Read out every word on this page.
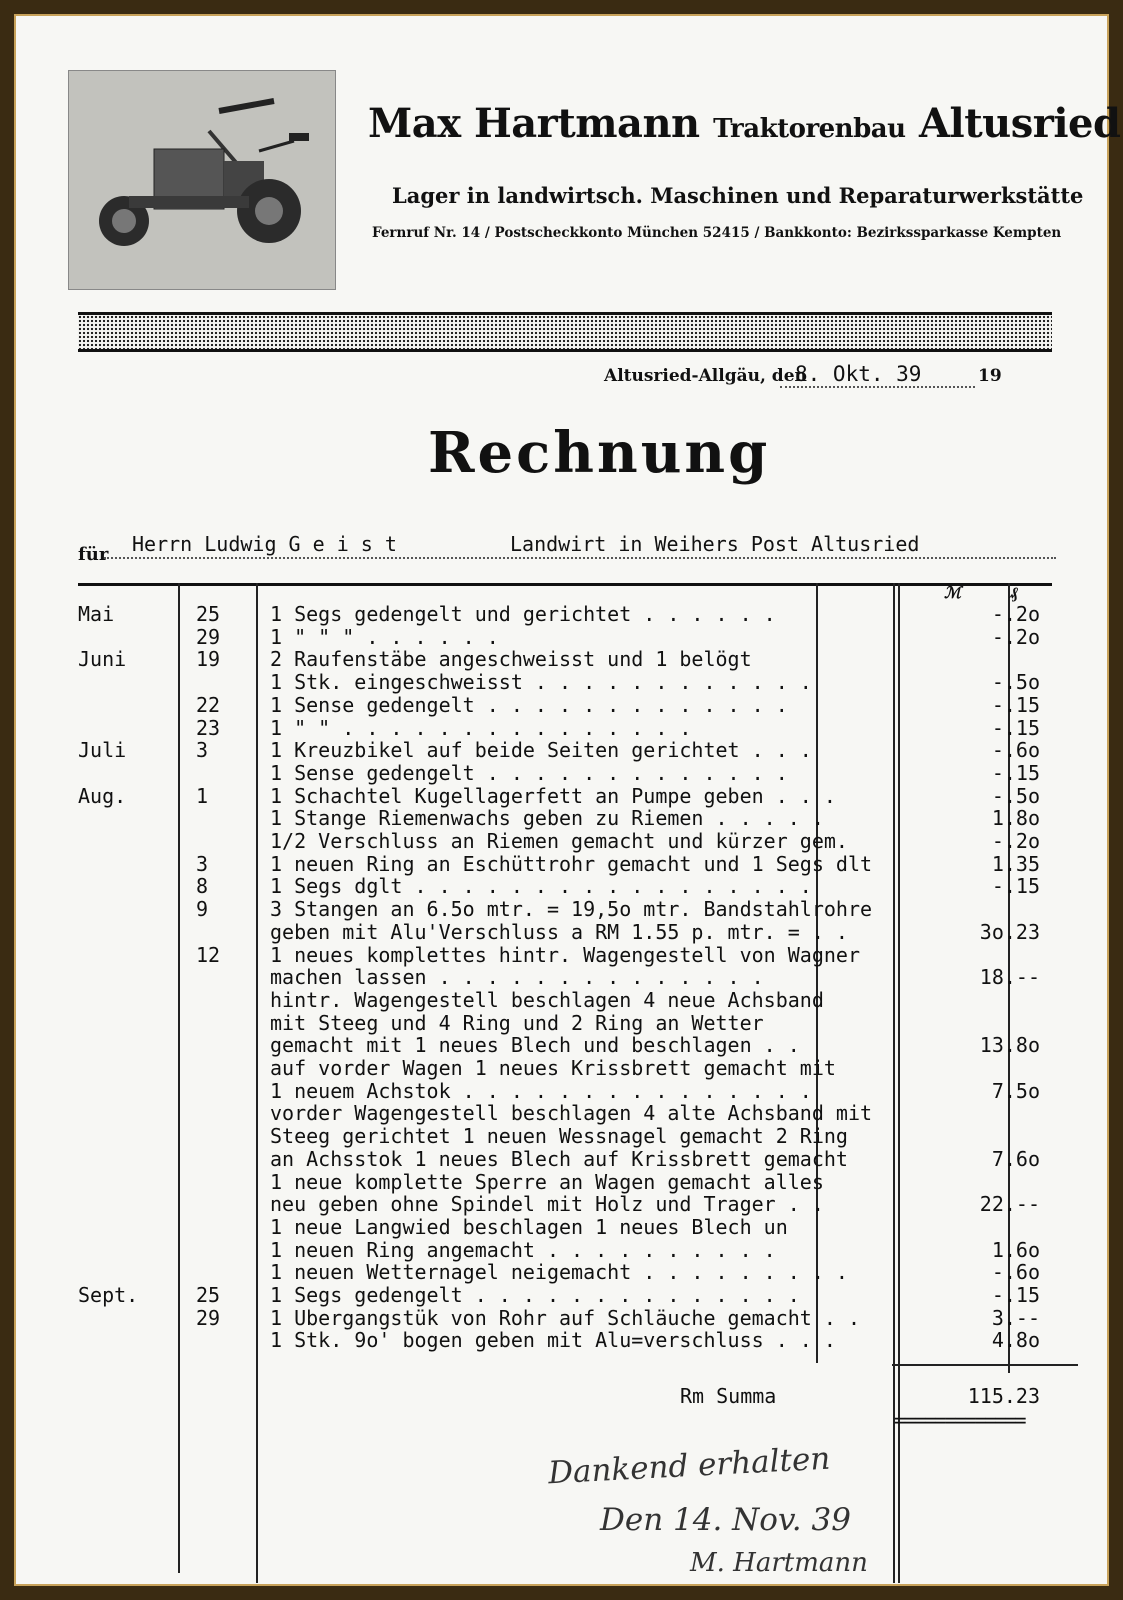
Max Hartmann Traktorenbau Altusried
Lager in landwirtsch. Maschinen und Reparaturwerkstätte
Fernruf Nr. 14 / Postscheckkonto München 52415 / Bankkonto: Bezirkssparkasse Kempten
Altusried-Allgäu, den
8. Okt. 39	19
Rechnung
für Herrn Ludwig G e i s t	Landwirt in Weihers Post Altusried
ℳ	₰
Mai	25 1 Segs gedengelt und gerichtet . . . . . .	-.2o
29 1 " " " . . . . . .	-.2o
Juni	19 2 Raufenstäbe angeschweisst und 1 belögt
1 Stk. eingeschweisst . . . . . . . . . . . .	-.5o
22 1 Sense gedengelt . . . . . . . . . . . . .	-.15
23 1 " " . . . . . . . . . . . . . . .	-.15
Juli	3	1 Kreuzbikel auf beide Seiten gerichtet . . .	-.6o
1 Sense gedengelt . . . . . . . . . . . . .	-.15
Aug.	1	1 Schachtel Kugellagerfett an Pumpe geben . . .	-.5o
1 Stange Riemenwachs geben zu Riemen . . . . .	1.8o
1/2 Verschluss an Riemen gemacht und kürzer gem.	-.2o
3	1 neuen Ring an Eschüttrohr gemacht und 1 Segs dlt	1.35
8	1 Segs dglt . . . . . . . . . . . . . . . . .	-.15
9	3 Stangen an 6.5o mtr. = 19,5o mtr. Bandstahlrohre
geben mit Alu'Verschluss a RM 1.55 p. mtr. = . .	3o.23
12 1 neues komplettes hintr. Wagengestell von Wagner
machen lassen . . . . . . . . . . . . . .	18.--
hintr. Wagengestell beschlagen 4 neue Achsband
mit Steeg und 4 Ring und 2 Ring an Wetter
gemacht mit 1 neues Blech und beschlagen . .	13.8o
auf vorder Wagen 1 neues Krissbrett gemacht mit
1 neuem Achstok . . . . . . . . . . . . . . .	7.5o
vorder Wagengestell beschlagen 4 alte Achsband mit
Steeg gerichtet 1 neuen Wessnagel gemacht 2 Ring
an Achsstok 1 neues Blech auf Krissbrett gemacht	7.6o
1 neue komplette Sperre an Wagen gemacht alles
neu geben ohne Spindel mit Holz und Trager . .	22.--
1 neue Langwied beschlagen 1 neues Blech un
1 neuen Ring angemacht . . . . . . . . . .	1.6o
1 neuen Wetternagel neigemacht . . . . . . . . .	-.6o
Sept.	25 1 Segs gedengelt . . . . . . . . . . . . . .	-.15
29 1 Ubergangstük von Rohr auf Schläuche gemacht . .	3.--
1 Stk. 9o' bogen geben mit Alu=verschluss . . .	4.8o
Rm Summa	115.23
=============
Dankend erhalten
Den 14. Nov. 39
M. Hartmann
